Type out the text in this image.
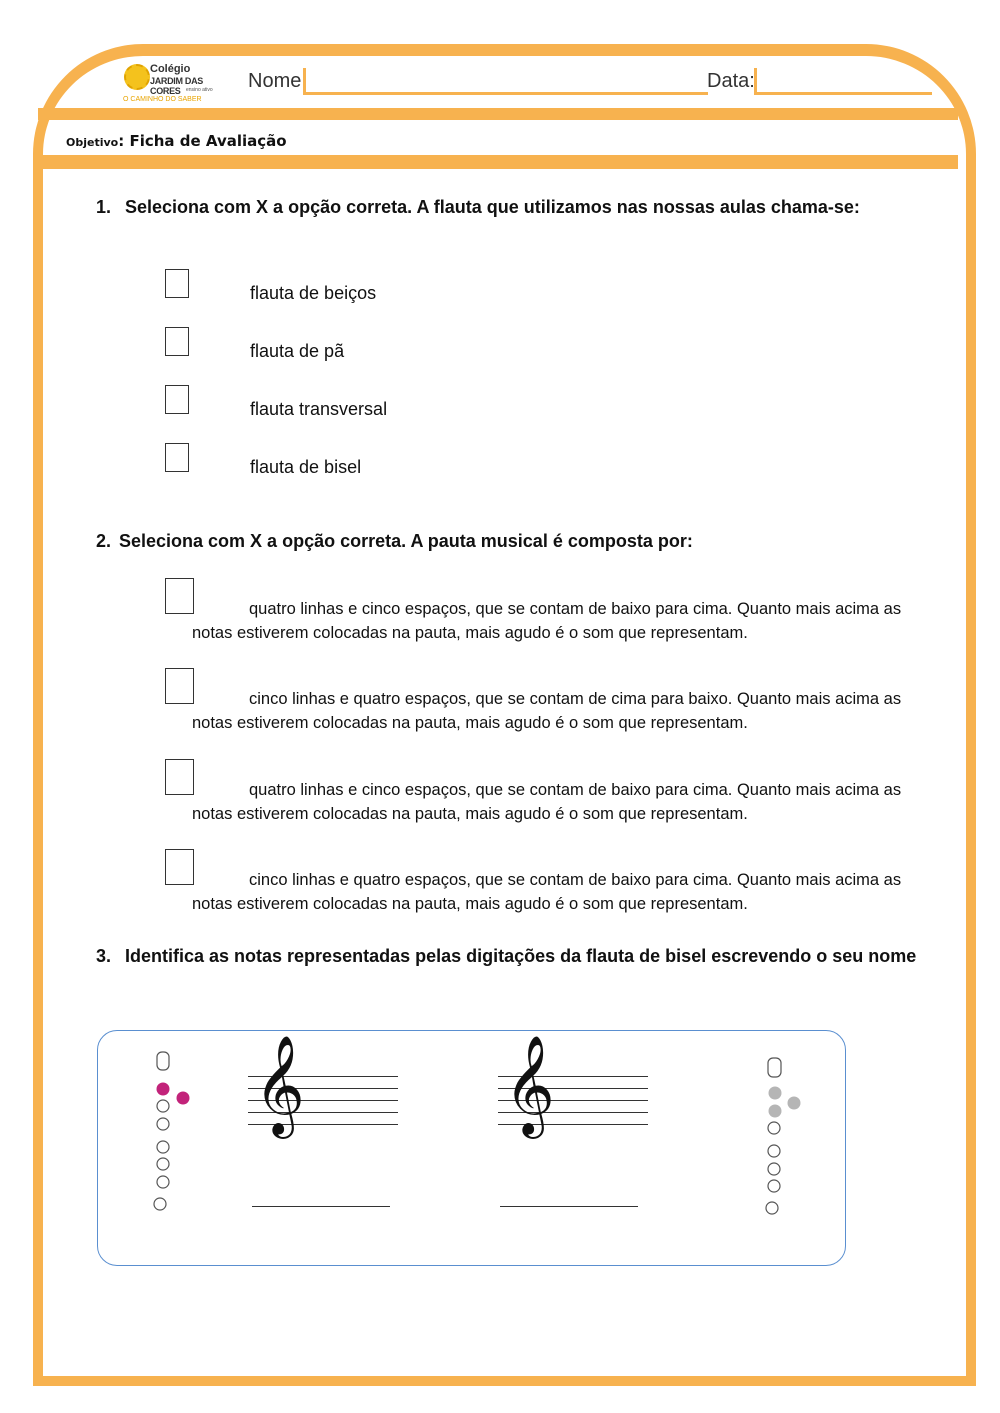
Colégio
JARDIM DAS CORES	ensino ativo
O CAMINHO DO SABER
Nome:	Data:
Objetivo: Ficha de Avaliação
1. Seleciona com X a opção correta. A flauta que utilizamos nas nossas aulas chama-se:
flauta de beiços
flauta de pã
flauta transversal
flauta de bisel
2. Seleciona com X a opção correta. A pauta musical é composta por:
quatro linhas e cinco espaços, que se contam de baixo para cima. Quanto mais acima as notas estiverem colocadas na pauta, mais agudo é o som que representam.
cinco linhas e quatro espaços, que se contam de cima para baixo. Quanto mais acima as notas estiverem colocadas na pauta, mais agudo é o som que representam.
quatro linhas e cinco espaços, que se contam de baixo para cima. Quanto mais acima as notas estiverem colocadas na pauta, mais agudo é o som que representam.
cinco linhas e quatro espaços, que se contam de baixo para cima. Quanto mais acima as notas estiverem colocadas na pauta, mais agudo é o som que representam.
3. Identifica as notas representadas pelas digitações da flauta de bisel escrevendo o seu nome
𝄞 𝄞
